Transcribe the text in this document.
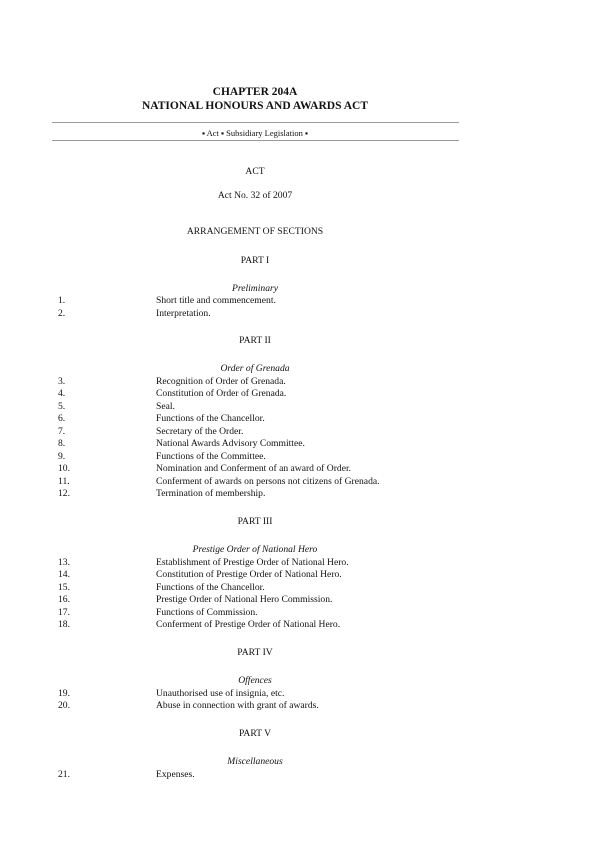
CHAPTER 204A
NATIONAL HONOURS AND AWARDS ACT
▪ Act ▪ Subsidiary Legislation ▪
ACT
Act No. 32 of 2007
ARRANGEMENT OF SECTIONS
PART I
Preliminary
1.	Short title and commencement.
2.	Interpretation.
PART II
Order of Grenada
3.	Recognition of Order of Grenada.
4.	Constitution of Order of Grenada.
5.	Seal.
6.	Functions of the Chancellor.
7.	Secretary of the Order.
8.	National Awards Advisory Committee.
9.	Functions of the Committee.
10.	Nomination and Conferment of an award of Order.
11.	Conferment of awards on persons not citizens of Grenada.
12.	Termination of membership.
PART III
Prestige Order of National Hero
13.	Establishment of Prestige Order of National Hero.
14.	Constitution of Prestige Order of National Hero.
15.	Functions of the Chancellor.
16.	Prestige Order of National Hero Commission.
17.	Functions of Commission.
18.	Conferment of Prestige Order of National Hero.
PART IV
Offences
19.	Unauthorised use of insignia, etc.
20.	Abuse in connection with grant of awards.
PART V
Miscellaneous
21.	Expenses.
